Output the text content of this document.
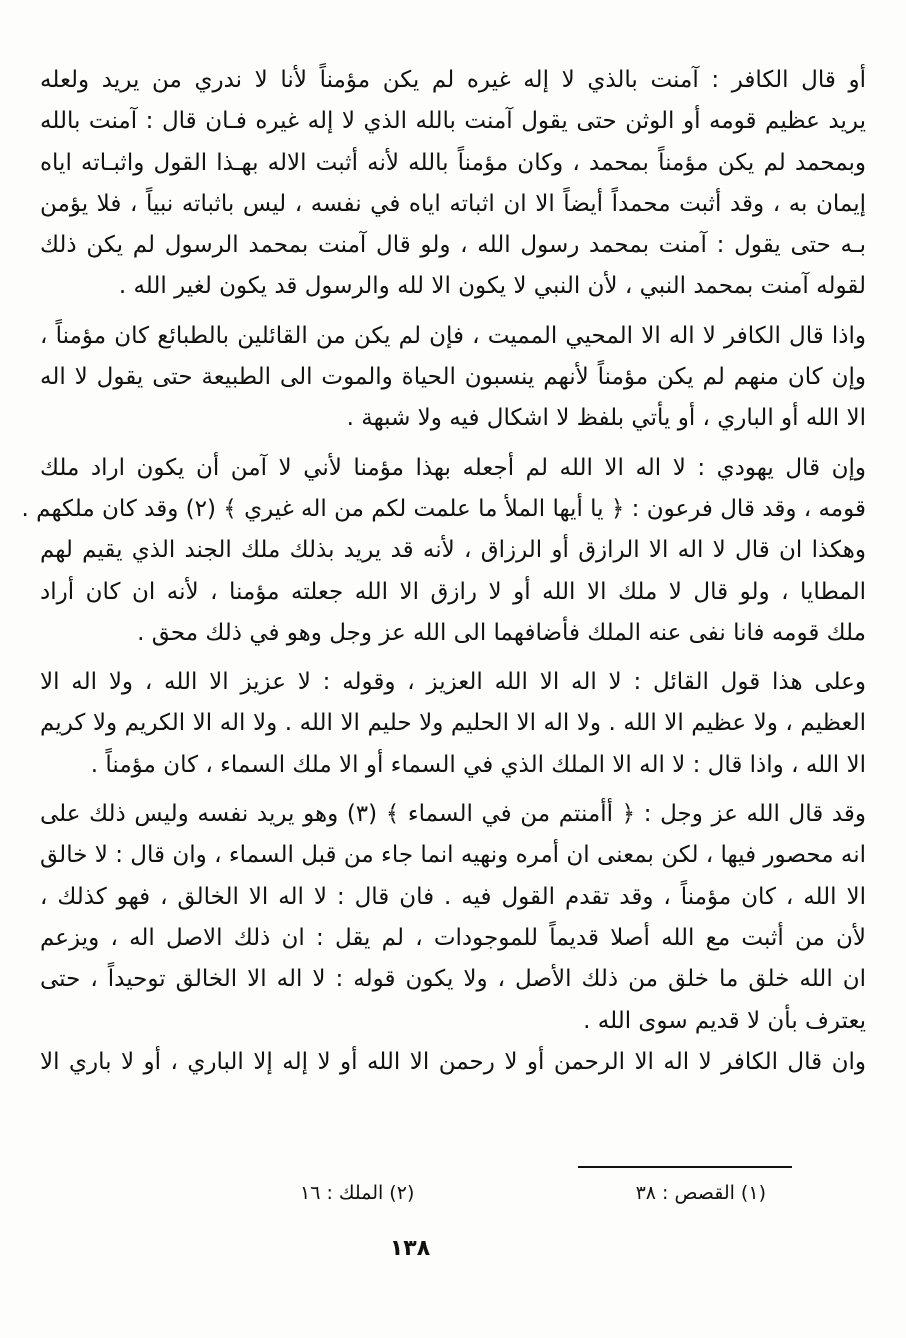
أو قال الكافر : آمنت بالذي لا إله غيره لم يكن مؤمناً لأنا لا ندري من يريد ولعله
يريد عظيم قومه أو الوثن حتى يقول آمنت بالله الذي لا إله غيره فـان قال : آمنت بالله
وبمحمد لم يكن مؤمناً بمحمد ، وكان مؤمناً بالله لأنه أثبت الاله بهـذا القول واثبـاته اياه
إيمان به ، وقد أثبت محمداً أيضاً الا ان اثباته اياه في نفسه ، ليس باثباته نبياً ، فلا يؤمن
بـه حتى يقول : آمنت بمحمد رسول الله ، ولو قال آمنت بمحمد الرسول لم يكن ذلك
لقوله آمنت بمحمد النبي ، لأن النبي لا يكون الا لله والرسول قد يكون لغير الله .
واذا قال الكافر لا اله الا المحيي المميت ، فإن لم يكن من القائلين بالطبائع كان مؤمناً ،
وإن كان منهم لم يكن مؤمناً لأنهم ينسبون الحياة والموت الى الطبيعة حتى يقول لا اله
الا الله أو الباري ، أو يأتي بلفظ لا اشكال فيه ولا شبهة .
وإن قال يهودي : لا اله الا الله لم أجعله بهذا مؤمنا لأني لا آمن أن يكون اراد ملك
قومه ، وقد قال فرعون : ﴿ يا أيها الملأ ما علمت لكم من اله غيري ﴾ (٢) وقد كان ملكهم .
وهكذا ان قال لا اله الا الرازق أو الرزاق ، لأنه قد يريد بذلك ملك الجند الذي يقيم لهم
المطايا ، ولو قال لا ملك الا الله أو لا رازق الا الله جعلته مؤمنا ، لأنه ان كان أراد
ملك قومه فانا نفى عنه الملك فأضافهما الى الله عز وجل وهو في ذلك محق .
وعلى هذا قول القائل : لا اله الا الله العزيز ، وقوله : لا عزيز الا الله ، ولا اله الا
العظيم ، ولا عظيم الا الله . ولا اله الا الحليم ولا حليم الا الله . ولا اله الا الكريم ولا كريم
الا الله ، واذا قال : لا اله الا الملك الذي في السماء أو الا ملك السماء ، كان مؤمناً .
وقد قال الله عز وجل : ﴿ أأمنتم من في السماء ﴾ (٣) وهو يريد نفسه وليس ذلك على
انه محصور فيها ، لكن بمعنى ان أمره ونهيه انما جاء من قبل السماء ، وان قال : لا خالق
الا الله ، كان مؤمناً ، وقد تقدم القول فيه . فان قال : لا اله الا الخالق ، فهو كذلك ،
لأن من أثبت مع الله أصلا قديماً للموجودات ، لم يقل : ان ذلك الاصل اله ، ويزعم
ان الله خلق ما خلق من ذلك الأصل ، ولا يكون قوله : لا اله الا الخالق توحيداً ، حتى
يعترف بأن لا قديم سوى الله .
وان قال الكافر لا اله الا الرحمن أو لا رحمن الا الله أو لا إله إلا الباري ، أو لا باري الا
(١) القصص : ٣٨
(٢) الملك : ١٦
١٣٨
